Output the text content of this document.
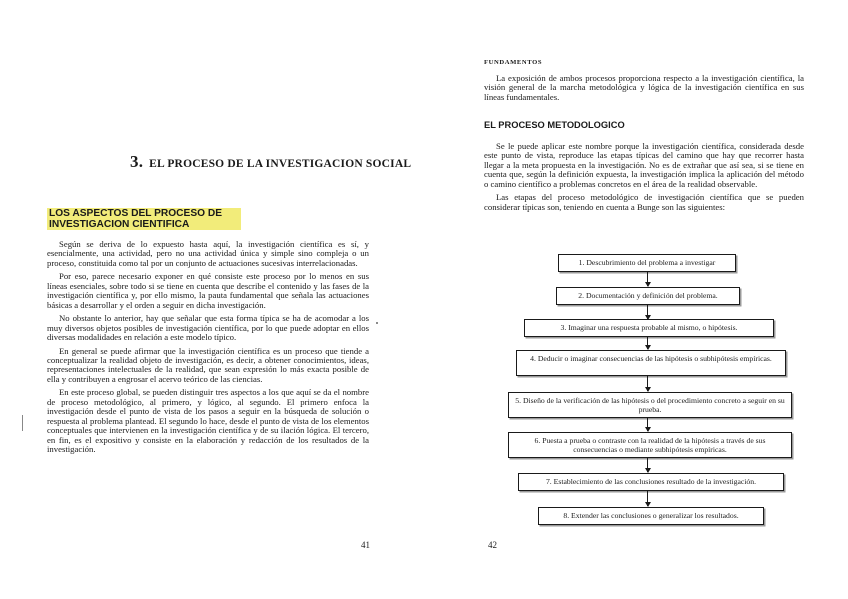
3. EL PROCESO DE LA INVESTIGACION SOCIAL
LOS ASPECTOS DEL PROCESO DE INVESTIGACION CIENTIFICA

Según se deriva de lo expuesto hasta aquí, la investigación científica es sí, y esencialmente, una actividad, pero no una actividad única y simple sino compleja o un proceso, constituida como tal por un conjunto de actuaciones sucesivas interrelacionadas.

Por eso, parece necesario exponer en qué consiste este proceso por lo menos en sus líneas esenciales, sobre todo si se tiene en cuenta que describe el contenido y las fases de la investigación científica y, por ello mismo, la pauta fundamental que señala las actuaciones básicas a desarrollar y el orden a seguir en dicha investigación.

No obstante lo anterior, hay que señalar que esta forma típica se ha de acomodar a los muy diversos objetos posibles de investigación científica, por lo que puede adoptar en ellos diversas modalidades en relación a este modelo típico.

En general se puede afirmar que la investigación científica es un proceso que tiende a conceptualizar la realidad objeto de investigación, es decir, a obtener conocimientos, ideas, representaciones intelectuales de la realidad, que sean expresión lo más exacta posible de ella y contribuyen a engrosar el acervo teórico de las ciencias.

En este proceso global, se pueden distinguir tres aspectos a los que aquí se da el nombre de proceso metodológico, al primero, y lógico, al segundo. El primero enfoca la investigación desde el punto de vista de los pasos a seguir en la búsqueda de solución o respuesta al problema plantead. El segundo lo hace, desde el punto de vista de los elementos conceptuales que intervienen en la investigación científica y de su ilación lógica. El tercero, en fin, es el expositivo y consiste en la elaboración y redacción de los resultados de la investigación.

41
FUNDAMENTOS

La exposición de ambos procesos proporciona respecto a la investigación científica, la visión general de la marcha metodológica y lógica de la investigación científica en sus líneas fundamentales.

EL PROCESO METODOLOGICO

Se le puede aplicar este nombre porque la investigación científica, considerada desde este punto de vista, reproduce las etapas típicas del camino que hay que recorrer hasta llegar a la meta propuesta en la investigación. No es de extrañar que así sea, si se tiene en cuenta que, según la definición expuesta, la investigación implica la aplicación del método o camino científico a problemas concretos en el área de la realidad observable.

Las etapas del proceso metodológico de investigación científica que se pueden considerar típicas son, teniendo en cuenta a Bunge son las siguientes:

1. Descubrimiento del problema a investigar
2. Documentación y definición del problema.
3. Imaginar una respuesta probable al mismo, o hipótesis.
4. Deducir o imaginar consecuencias de las hipótesis o subhipótesis empíricas.
5. Diseño de la verificación de las hipótesis o del procedimiento concreto a seguir en su prueba.
6. Puesta a prueba o contraste con la realidad de la hipótesis a través de sus consecuencias o mediante subhipótesis empíricas.
7. Establecimiento de las conclusiones resultado de la investigación.
8. Extender las conclusiones o generalizar los resultados.
42
